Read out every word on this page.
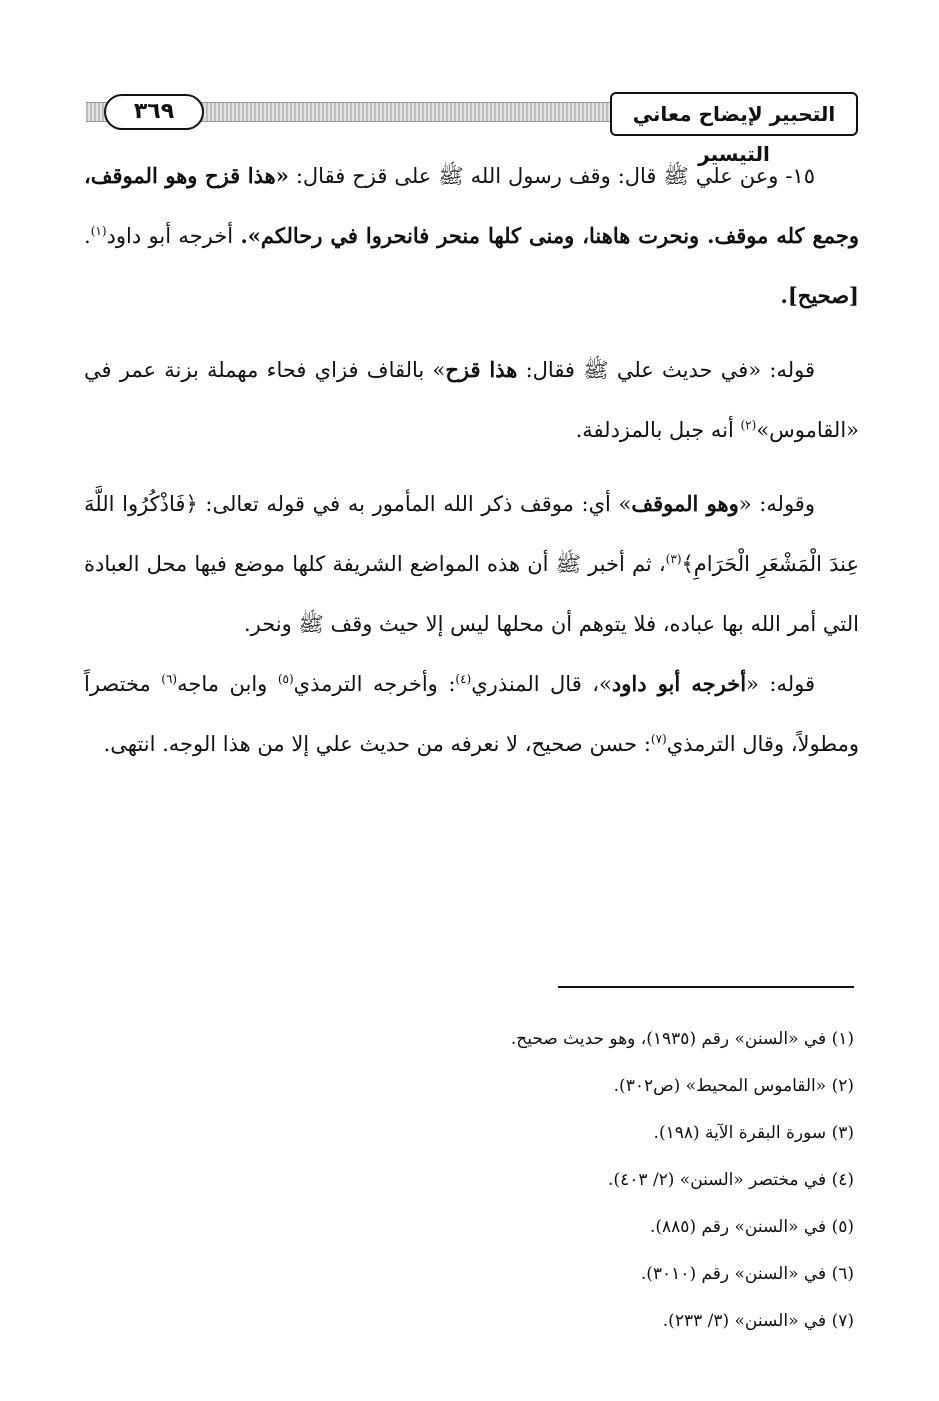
٣٦٩	التحبير لإيضاح معاني التيسير

١٥- وعن علي ﷺ قال: وقف رسول الله ﷺ على قزح فقال: «هذا قزح وهو الموقف، وجمع كله موقف. ونحرت هاهنا، ومنى كلها منحر فانحروا في رحالكم». أخرجه أبو داود$^{(١)}$. [صحيح].

قوله: «في حديث علي ﷺ فقال: هذا قزح» بالقاف فزاي فحاء مهملة بزنة عمر في «القاموس»$^{(٢)}$ أنه جبل بالمزدلفة.

وقوله: «وهو الموقف» أي: موقف ذكر الله المأمور به في قوله تعالى: ﴿فَاذْكُرُوا اللَّهَ عِندَ الْمَشْعَرِ الْحَرَامِ﴾$^{(٣)}$، ثم أخبر ﷺ أن هذه المواضع الشريفة كلها موضع فيها محل العبادة التي أمر الله بها عباده، فلا يتوهم أن محلها ليس إلا حيث وقف ﷺ ونحر.

قوله: «أخرجه أبو داود»، قال المنذري$^{(٤)}$: وأخرجه الترمذي$^{(٥)}$ وابن ماجه$^{(٦)}$ مختصراً ومطولاً، وقال الترمذي$^{(٧)}$: حسن صحيح، لا نعرفه من حديث علي إلا من هذا الوجه. انتهى.

(١) في «السنن» رقم (١٩٣٥)، وهو حديث صحيح.

(٢) «القاموس المحيط» (ص٣٠٢).

(٣) سورة البقرة الآية (١٩٨).

(٤) في مختصر «السنن» (٢/ ٤٠٣).

(٥) في «السنن» رقم (٨٨٥).

(٦) في «السنن» رقم (٣٠١٠).

(٧) في «السنن» (٣/ ٢٣٣).
